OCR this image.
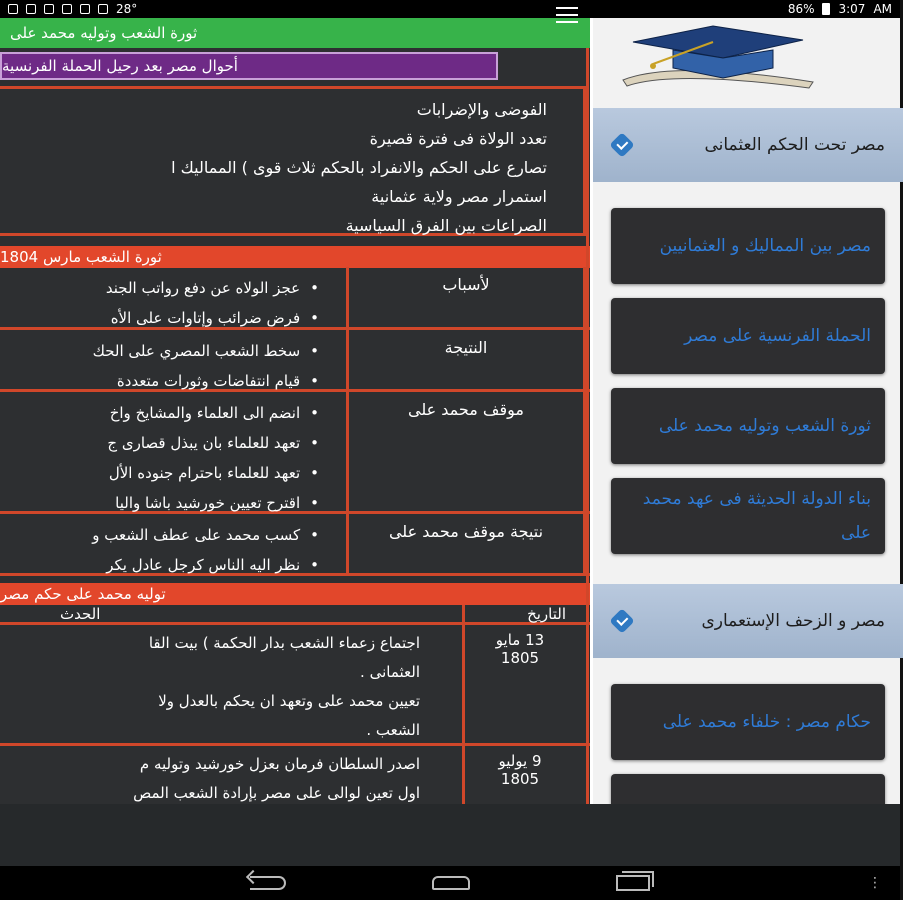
28°	86% 3:07 AM
ثورة الشعب وتوليه محمد على
أحوال مصر بعد رحيل الحملة الفرنسية
الفوضى والإضرابات
تعدد الولاة فى فترة قصيرة
تصارع على الحكم والانفراد بالحكم ثلاث قوى ) المماليك ا
استمرار مصر ولاية عثمانية
الصراعات بين الفرق السياسية
ثورة الشعب مارس 1804
لأسباب
• عجز الولاه عن دفع رواتب الجند
• فرض ضرائب وإتاوات على الأه
النتيجة
• سخط الشعب المصري على الحك
• قيام انتفاضات وثورات متعددة
موقف محمد على
• انضم الى العلماء والمشايخ واخ
• تعهد للعلماء بان يبذل قصارى ج
• تعهد للعلماء باحترام جنوده الأل
• اقترح تعيين خورشيد باشا واليا
نتيجة موقف محمد على
• كسب محمد على عطف الشعب و
• نظر اليه الناس كرجل عادل يكر
توليه محمد على حكم مصر
التاريخ
الحدث
13 مايو 1805
اجتماع زعماء الشعب بدار الحكمة ) بيت القا
العثمانى .
تعيين محمد على وتعهد ان يحكم بالعدل ولا
الشعب .
9 يوليو 1805
اصدر السلطان فرمان بعزل خورشيد وتوليه م
اول تعين لوالى على مصر بإرادة الشعب المص
مصر تحت الحكم العثمانى
مصر بين المماليك و العثمانيين
الحملة الفرنسية على مصر
ثورة الشعب وتوليه محمد على
بناء الدولة الحديثة فى عهد محمد على
مصر و الزحف الإستعمارى
حكام مصر : خلفاء محمد على
⋮
